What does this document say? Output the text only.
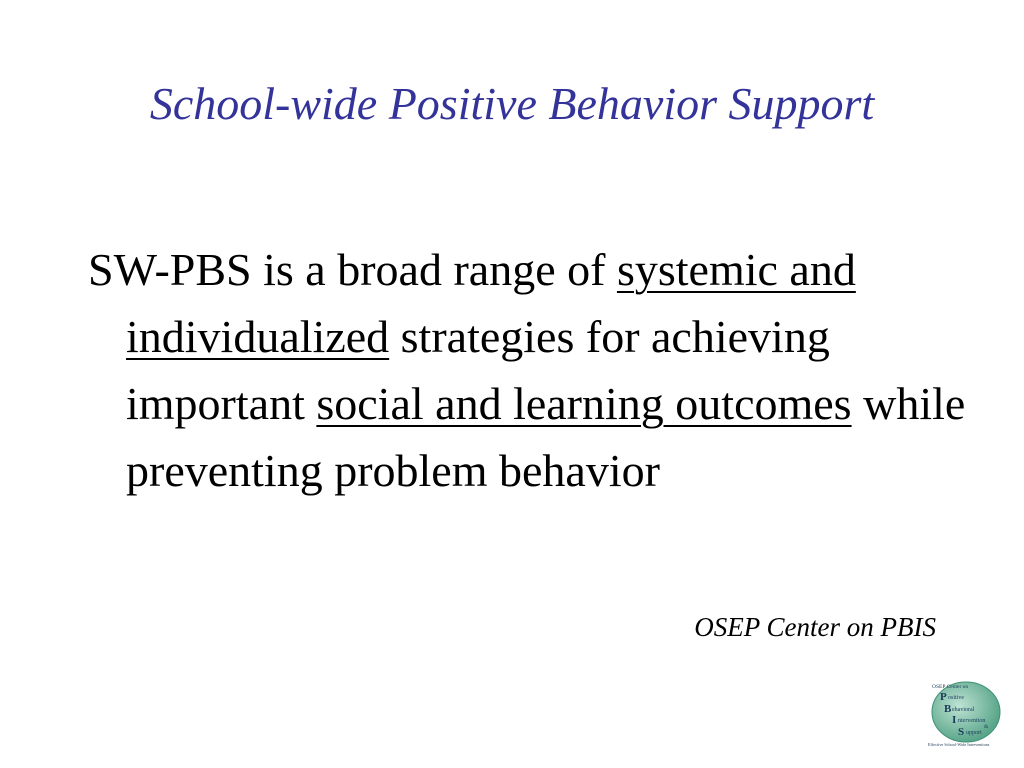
School-wide Positive Behavior Support
SW-PBS is a broad range of systemic and individualized strategies for achieving important social and learning outcomes while preventing problem behavior
OSEP Center on PBIS
OSEP Center on
P ositive
B ehavioral
I ntervention
&
S upport
Effective School-Wide Interventions
